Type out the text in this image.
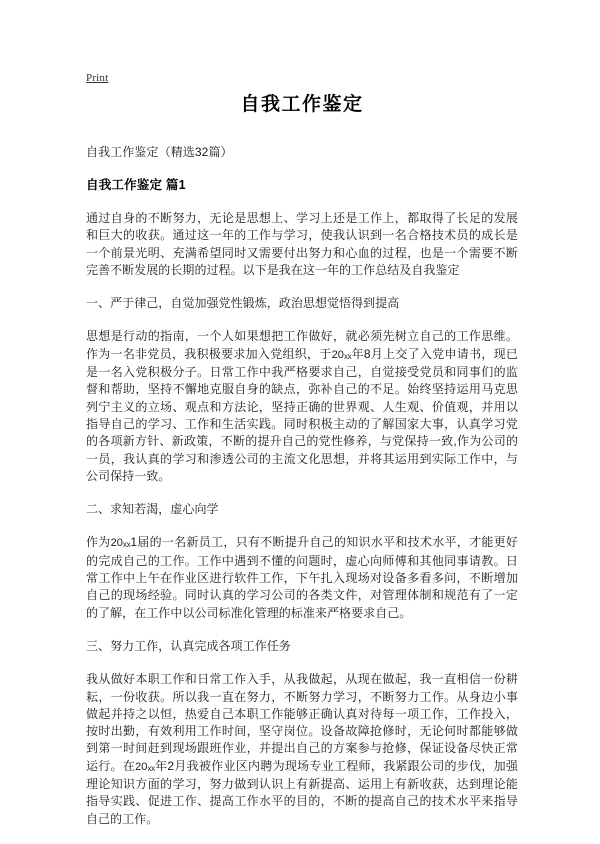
Print
自我工作鉴定

自我工作鉴定（精选32篇）

自我工作鉴定 篇1

通过自身的不断努力，无论是思想上、学习上还是工作上，都取得了长足的发展和巨大的收获。通过这一年的工作与学习，使我认识到一名合格技术员的成长是一个前景光明、充满希望同时又需要付出努力和心血的过程，也是一个需要不断完善不断发展的长期的过程。以下是我在这一年的工作总结及自我鉴定

一、严于律己，自觉加强党性锻炼，政治思想觉悟得到提高

思想是行动的指南，一个人如果想把工作做好，就必须先树立自己的工作思维。作为一名非党员，我积极要求加入党组织，于$20_{xx}$年8月上交了入党申请书，现已是一名入党积极分子。日常工作中我严格要求自己，自觉接受党员和同事们的监督和帮助，坚持不懈地克服自身的缺点，弥补自己的不足。始终坚持运用马克思列宁主义的立场、观点和方法论，坚持正确的世界观、人生观、价值观，并用以指导自己的学习、工作和生活实践。同时积极主动的了解国家大事，认真学习党的各项新方针、新政策，不断的提升自己的党性修养，与党保持一致,作为公司的一员，我认真的学习和渗透公司的主流文化思想，并将其运用到实际工作中，与公司保持一致。

二、求知若渴，虚心向学

作为$20_{xx}1$届的一名新员工，只有不断提升自己的知识水平和技术水平，才能更好的完成自己的工作。工作中遇到不懂的问题时，虚心向师傅和其他同事请教。日常工作中上午在作业区进行软件工作，下午扎入现场对设备多看多问，不断增加自己的现场经验。同时认真的学习公司的各类文件，对管理体制和规范有了一定的了解，在工作中以公司标准化管理的标准来严格要求自己。

三、努力工作，认真完成各项工作任务

我从做好本职工作和日常工作入手，从我做起，从现在做起，我一直相信一份耕耘，一份收获。所以我一直在努力，不断努力学习，不断努力工作。从身边小事做起并持之以恒，热爱自己本职工作能够正确认真对待每一项工作，工作投入，按时出勤，有效利用工作时间，坚守岗位。设备故障抢修时，无论何时都能够做到第一时间赶到现场跟班作业，并提出自己的方案参与抢修，保证设备尽快正常运行。在$20_{xx}$年2月我被作业区内聘为现场专业工程师，我紧跟公司的步伐，加强理论知识方面的学习，努力做到认识上有新提高、运用上有新收获，达到理论能指导实践、促进工作、提高工作水平的目的，不断的提高自己的技术水平来指导自己的工作。
